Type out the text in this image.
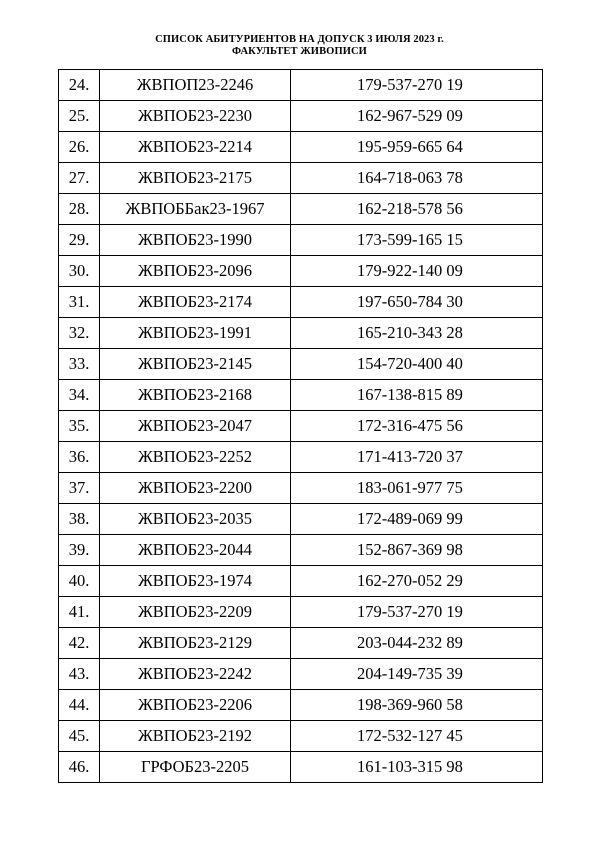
СПИСОК АБИТУРИЕНТОВ НА ДОПУСК 3 ИЮЛЯ 2023 г.
ФАКУЛЬТЕТ ЖИВОПИСИ
24.	ЖВПОП23-2246	179-537-270 19
25.	ЖВПОБ23-2230	162-967-529 09
26.	ЖВПОБ23-2214	195-959-665 64
27.	ЖВПОБ23-2175	164-718-063 78
28.	ЖВПОББак23-1967	162-218-578 56
29.	ЖВПОБ23-1990	173-599-165 15
30.	ЖВПОБ23-2096	179-922-140 09
31.	ЖВПОБ23-2174	197-650-784 30
32.	ЖВПОБ23-1991	165-210-343 28
33.	ЖВПОБ23-2145	154-720-400 40
34.	ЖВПОБ23-2168	167-138-815 89
35.	ЖВПОБ23-2047	172-316-475 56
36.	ЖВПОБ23-2252	171-413-720 37
37.	ЖВПОБ23-2200	183-061-977 75
38.	ЖВПОБ23-2035	172-489-069 99
39.	ЖВПОБ23-2044	152-867-369 98
40.	ЖВПОБ23-1974	162-270-052 29
41.	ЖВПОБ23-2209	179-537-270 19
42.	ЖВПОБ23-2129	203-044-232 89
43.	ЖВПОБ23-2242	204-149-735 39
44.	ЖВПОБ23-2206	198-369-960 58
45.	ЖВПОБ23-2192	172-532-127 45
46.	ГРФОБ23-2205	161-103-315 98
